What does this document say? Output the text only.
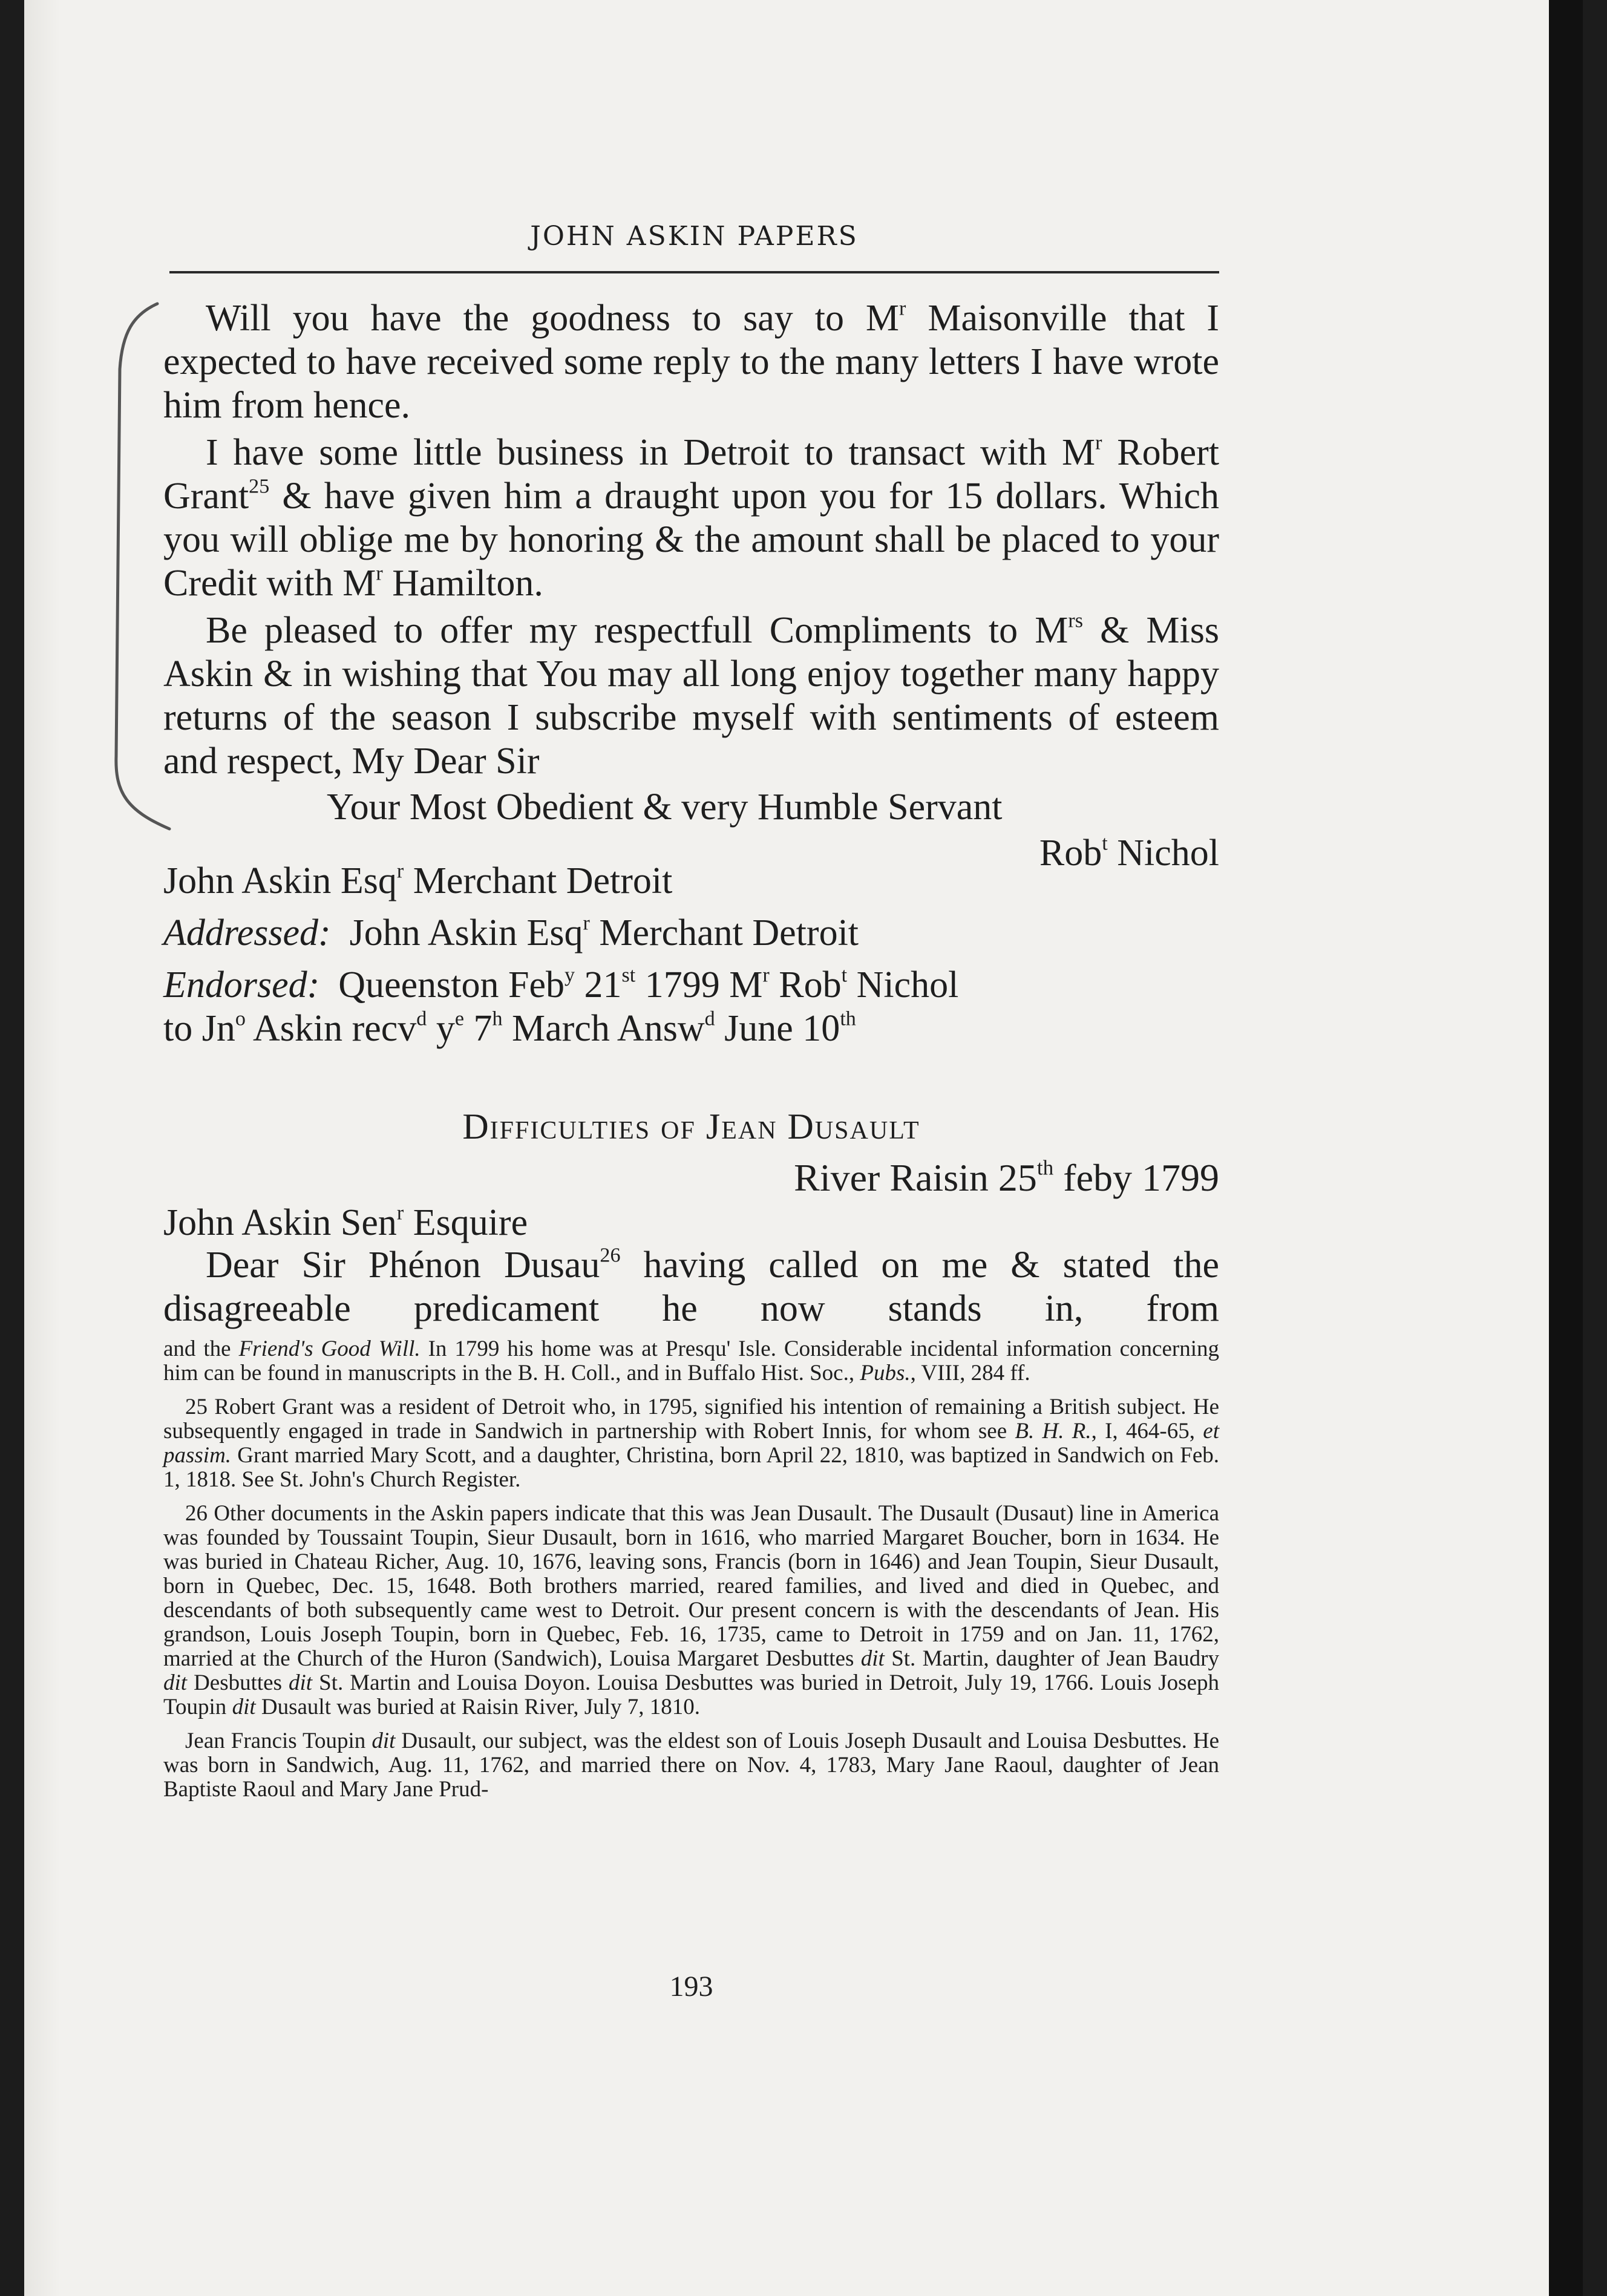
JOHN ASKIN PAPERS

Will you have the goodness to say to $M^r$ Maisonville that I expected to have received some reply to the many letters I have wrote him from hence.

I have some little business in Detroit to transact with $M^r$ Robert Grant$^{25}$ & have given him a draught upon you for 15 dollars. Which you will oblige me by honoring & the amount shall be placed to your Credit with $M^r$ Hamilton.

Be pleased to offer my respectfull Compliments to $M^{rs}$ & Miss Askin & in wishing that You may all long enjoy together many happy returns of the season I subscribe myself with sentiments of esteem and respect, My Dear Sir

Your Most Obedient & very Humble Servant
Rob$^t$ Nichol

John Askin Esq$^r$ Merchant Detroit

Addressed: John Askin Esq$^r$ Merchant Detroit

Endorsed: Queenston Feb$^y$ 21st 1799 $M^r$ Rob$^t$ Nichol
to Jn$^o$ Askin recv$^d$ $y^e$ 7$^h$ March Answ$^d$ June 10th

Difficulties of Jean Dusault
River Raisin 25th feby 1799
John Askin Sen$^r$ Esquire

Dear Sir Phénon Dusau$^{26}$ having called on me & stated the disagreeable predicament he now stands in, from

and the Friend's Good Will. In 1799 his home was at Presqu' Isle. Considerable incidental information concerning him can be found in manuscripts in the B. H. Coll., and in Buffalo Hist. Soc., Pubs., VIII, 284 ff.

25 Robert Grant was a resident of Detroit who, in 1795, signified his intention of remaining a British subject. He subsequently engaged in trade in Sandwich in partnership with Robert Innis, for whom see B. H. R., I, 464-65, et passim. Grant married Mary Scott, and a daughter, Christina, born April 22, 1810, was baptized in Sandwich on Feb. 1, 1818. See St. John's Church Register.

26 Other documents in the Askin papers indicate that this was Jean Dusault. The Dusault (Dusaut) line in America was founded by Toussaint Toupin, Sieur Dusault, born in 1616, who married Margaret Boucher, born in 1634. He was buried in Chateau Richer, Aug. 10, 1676, leaving sons, Francis (born in 1646) and Jean Toupin, Sieur Dusault, born in Quebec, Dec. 15, 1648. Both brothers married, reared families, and lived and died in Quebec, and descendants of both subsequently came west to Detroit. Our present concern is with the descendants of Jean. His grandson, Louis Joseph Toupin, born in Quebec, Feb. 16, 1735, came to Detroit in 1759 and on Jan. 11, 1762, married at the Church of the Huron (Sandwich), Louisa Margaret Desbuttes dit St. Martin, daughter of Jean Baudry dit Desbuttes dit St. Martin and Louisa Doyon. Louisa Desbuttes was buried in Detroit, July 19, 1766. Louis Joseph Toupin dit Dusault was buried at Raisin River, July 7, 1810.

Jean Francis Toupin dit Dusault, our subject, was the eldest son of Louis Joseph Dusault and Louisa Desbuttes. He was born in Sandwich, Aug. 11, 1762, and married there on Nov. 4, 1783, Mary Jane Raoul, daughter of Jean Baptiste Raoul and Mary Jane Prud-

193
